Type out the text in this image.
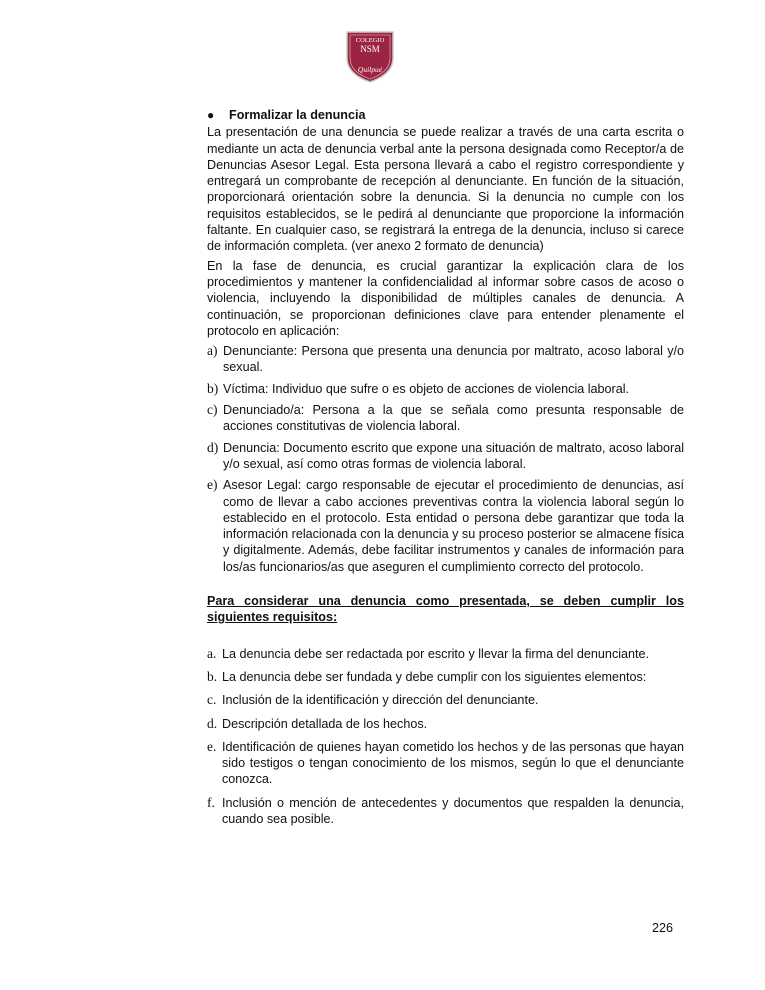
COLEGIO
NSM
Quilpué
●	Formalizar la denuncia

La presentación de una denuncia se puede realizar a través de una carta escrita o mediante un acta de denuncia verbal ante la persona designada como Receptor/a de Denuncias Asesor Legal. Esta persona llevará a cabo el registro correspondiente y entregará un comprobante de recepción al denunciante. En función de la situación, proporcionará orientación sobre la denuncia. Si la denuncia no cumple con los requisitos establecidos, se le pedirá al denunciante que proporcione la información faltante. En cualquier caso, se registrará la entrega de la denuncia, incluso si carece de información completa. (ver anexo 2 formato de denuncia)

En la fase de denuncia, es crucial garantizar la explicación clara de los procedimientos y mantener la confidencialidad al informar sobre casos de acoso o violencia, incluyendo la disponibilidad de múltiples canales de denuncia. A continuación, se proporcionan definiciones clave para entender plenamente el protocolo en aplicación:

a) Denunciante: Persona que presenta una denuncia por maltrato, acoso laboral y/o sexual.
b) Víctima: Individuo que sufre o es objeto de acciones de violencia laboral.
c) Denunciado/a: Persona a la que se señala como presunta responsable de acciones constitutivas de violencia laboral.
d) Denuncia: Documento escrito que expone una situación de maltrato, acoso laboral y/o sexual, así como otras formas de violencia laboral.
e) Asesor Legal: cargo responsable de ejecutar el procedimiento de denuncias, así como de llevar a cabo acciones preventivas contra la violencia laboral según lo establecido en el protocolo. Esta entidad o persona debe garantizar que toda la información relacionada con la denuncia y su proceso posterior se almacene física y digitalmente. Además, debe facilitar instrumentos y canales de información para los/as funcionarios/as que aseguren el cumplimiento correcto del protocolo.
Para considerar una denuncia como presentada, se deben cumplir los siguientes requisitos:
a. La denuncia debe ser redactada por escrito y llevar la firma del denunciante.
b. La denuncia debe ser fundada y debe cumplir con los siguientes elementos:
c. Inclusión de la identificación y dirección del denunciante.
d. Descripción detallada de los hechos.
e. Identificación de quienes hayan cometido los hechos y de las personas que hayan sido testigos o tengan conocimiento de los mismos, según lo que el denunciante conozca.
f. Inclusión o mención de antecedentes y documentos que respalden la denuncia, cuando sea posible.
226
